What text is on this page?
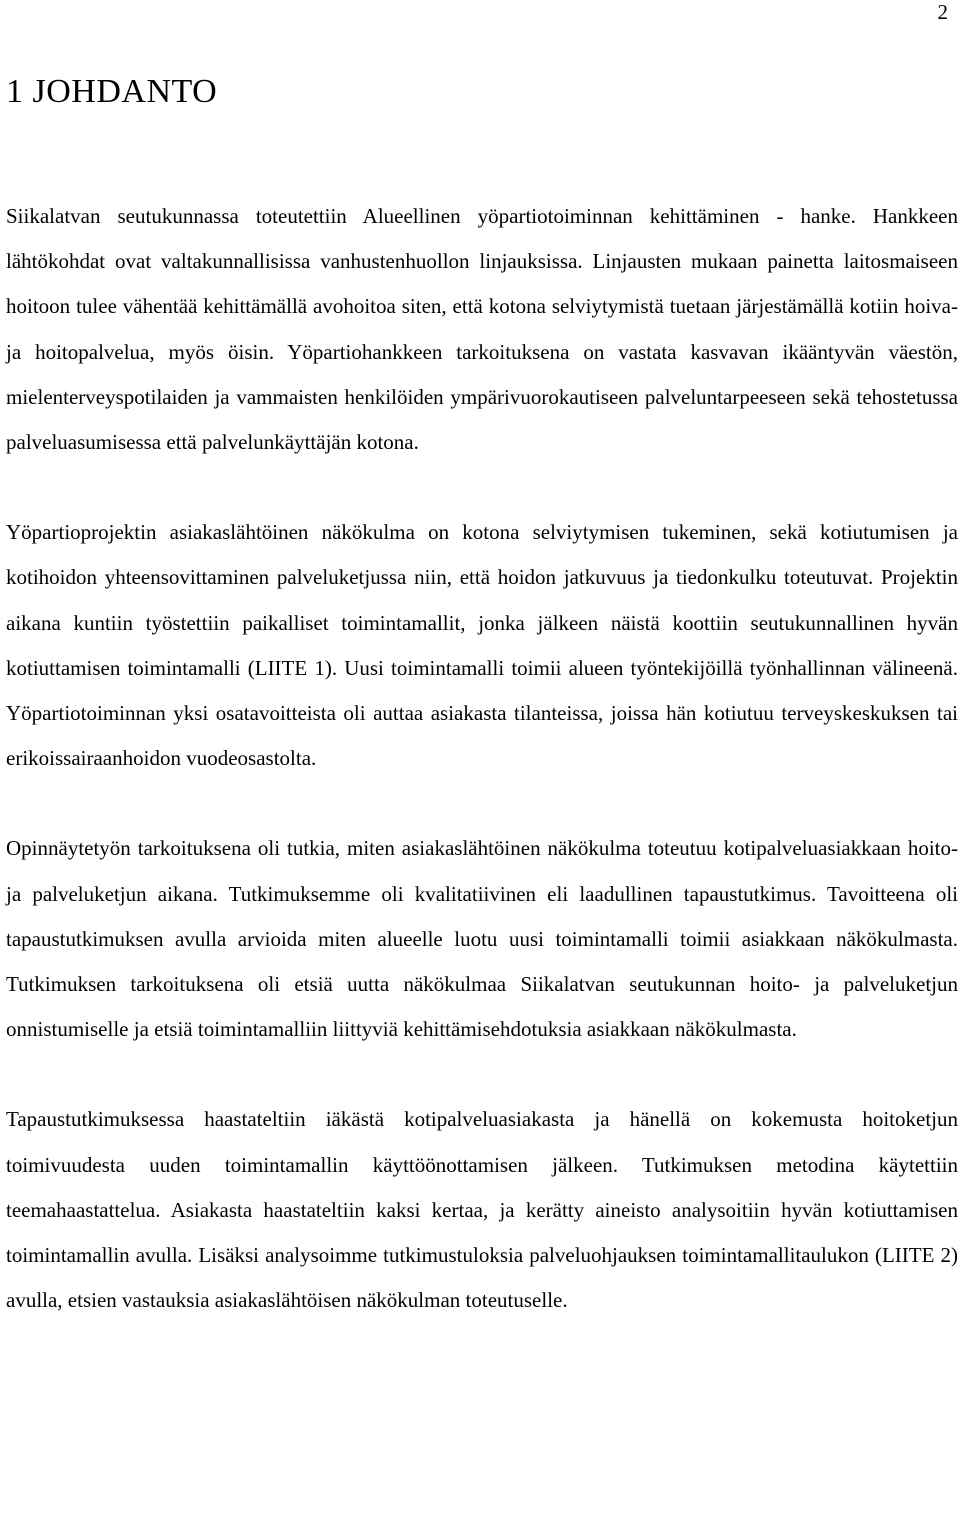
2
1 JOHDANTO

Siikalatvan seutukunnassa toteutettiin Alueellinen yöpartiotoiminnan kehittäminen - hanke. Hankkeen lähtökohdat ovat valtakunnallisissa vanhustenhuollon linjauksissa. Linjausten mukaan painetta laitosmaiseen hoitoon tulee vähentää kehittämällä avohoitoa siten, että kotona selviytymistä tuetaan järjestämällä kotiin hoiva- ja hoitopalvelua, myös öisin. Yöpartiohankkeen tarkoituksena on vastata kasvavan ikääntyvän väestön, mielenterveyspotilaiden ja vammaisten henkilöiden ympärivuorokautiseen palveluntarpeeseen sekä tehostetussa palveluasumisessa että palvelunkäyttäjän kotona.

Yöpartioprojektin asiakaslähtöinen näkökulma on kotona selviytymisen tukeminen, sekä kotiutumisen ja kotihoidon yhteensovittaminen palveluketjussa niin, että hoidon jatkuvuus ja tiedonkulku toteutuvat. Projektin aikana kuntiin työstettiin paikalliset toimintamallit, jonka jälkeen näistä koottiin seutukunnallinen hyvän kotiuttamisen toimintamalli (LIITE 1). Uusi toimintamalli toimii alueen työntekijöillä työnhallinnan välineenä. Yöpartiotoiminnan yksi osatavoitteista oli auttaa asiakasta tilanteissa, joissa hän kotiutuu terveyskeskuksen tai erikoissairaanhoidon vuodeosastolta.

Opinnäytetyön tarkoituksena oli tutkia, miten asiakaslähtöinen näkökulma toteutuu kotipalveluasiakkaan hoito- ja palveluketjun aikana. Tutkimuksemme oli kvalitatiivinen eli laadullinen tapaustutkimus. Tavoitteena oli tapaustutkimuksen avulla arvioida miten alueelle luotu uusi toimintamalli toimii asiakkaan näkökulmasta. Tutkimuksen tarkoituksena oli etsiä uutta näkökulmaa Siikalatvan seutukunnan hoito- ja palveluketjun onnistumiselle ja etsiä toimintamalliin liittyviä kehittämisehdotuksia asiakkaan näkökulmasta.

Tapaustutkimuksessa haastateltiin iäkästä kotipalveluasiakasta ja hänellä on kokemusta hoitoketjun toimivuudesta uuden toimintamallin käyttöönottamisen jälkeen. Tutkimuksen metodina käytettiin teemahaastattelua. Asiakasta haastateltiin kaksi kertaa, ja kerätty aineisto analysoitiin hyvän kotiuttamisen toimintamallin avulla. Lisäksi analysoimme tutkimustuloksia palveluohjauksen toimintamallitaulukon (LIITE 2) avulla, etsien vastauksia asiakaslähtöisen näkökulman toteutuselle.
